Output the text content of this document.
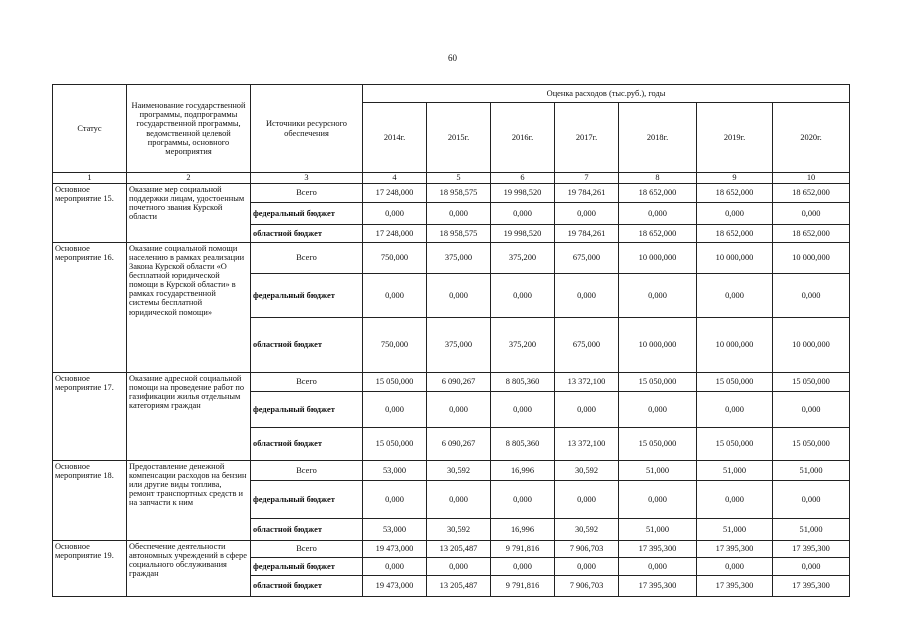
60
Статус	Наименование государственной программы, подпрограммы государственной программы, ведомственной целевой программы, основного мероприятия	Источники ресурсного обеспечения	Оценка расходов (тыс.руб.), годы						
			2014г.	2015г.	2016г.	2017г.	2018г.	2019г.	2020г.
1	2	3	4	5	6	7	8	9	10
Основное мероприятие 15.	Оказание мер социальной поддержки лицам, удостоенным почетного звания Курской области	Всего	17 248,000	18 958,575	19 998,520	19 784,261	18 652,000	18 652,000	18 652,000
		федеральный бюджет	0,000	0,000	0,000	0,000	0,000	0,000	0,000
		областной бюджет	17 248,000	18 958,575	19 998,520	19 784,261	18 652,000	18 652,000	18 652,000
Основное мероприятие 16.	Оказание социальной помощи населению в рамках реализации Закона Курской области «О бесплатной юридической помощи в Курской области» в рамках государственной системы бесплатной юридической помощи»	Всего	750,000	375,000	375,200	675,000	10 000,000	10 000,000	10 000,000
		федеральный бюджет	0,000	0,000	0,000	0,000	0,000	0,000	0,000
		областной бюджет	750,000	375,000	375,200	675,000	10 000,000	10 000,000	10 000,000
Основное мероприятие 17.	Оказание адресной социальной помощи на проведение работ по газификации жилья отдельным категориям граждан	Всего	15 050,000	6 090,267	8 805,360	13 372,100	15 050,000	15 050,000	15 050,000
		федеральный бюджет	0,000	0,000	0,000	0,000	0,000	0,000	0,000
		областной бюджет	15 050,000	6 090,267	8 805,360	13 372,100	15 050,000	15 050,000	15 050,000
Основное мероприятие 18.	Предоставление денежной компенсации расходов на бензин или другие виды топлива, ремонт транспортных средств и на запчасти к ним	Всего	53,000	30,592	16,996	30,592	51,000	51,000	51,000
		федеральный бюджет	0,000	0,000	0,000	0,000	0,000	0,000	0,000
		областной бюджет	53,000	30,592	16,996	30,592	51,000	51,000	51,000
Основное мероприятие 19.	Обеспечение деятельности автономных учреждений в сфере социального обслуживания граждан	Всего	19 473,000	13 205,487	9 791,816	7 906,703	17 395,300	17 395,300	17 395,300
		федеральный бюджет	0,000	0,000	0,000	0,000	0,000	0,000	0,000
		областной бюджет	19 473,000	13 205,487	9 791,816	7 906,703	17 395,300	17 395,300	17 395,300
